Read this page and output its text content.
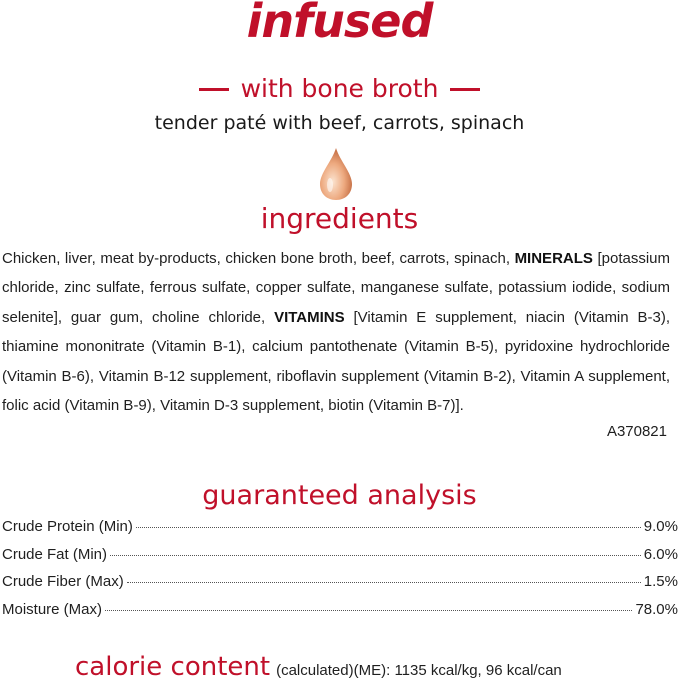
infused
with bone broth
tender paté with beef, carrots, spinach
ingredients
Chicken, liver, meat by-products, chicken bone broth, beef, carrots, spinach, MINERALS [potassium chloride, zinc sulfate, ferrous sulfate, copper sulfate, manganese sulfate, potassium iodide, sodium selenite], guar gum, choline chloride, VITAMINS [Vitamin E supplement, niacin (Vitamin B-3), thiamine mononitrate (Vitamin B-1), calcium pantothenate (Vitamin B-5), pyridoxine hydrochloride (Vitamin B-6), Vitamin B-12 supplement, riboflavin supplement (Vitamin B-2), Vitamin A supplement, folic acid (Vitamin B-9), Vitamin D-3 supplement, biotin (Vitamin B-7)].
A370821
guaranteed analysis
Crude Protein (Min)	9.0%
Crude Fat (Min)	6.0%
Crude Fiber (Max)	1.5%
Moisture (Max)	78.0%
calorie content (calculated)(ME): 1135 kcal/kg, 96 kcal/can
